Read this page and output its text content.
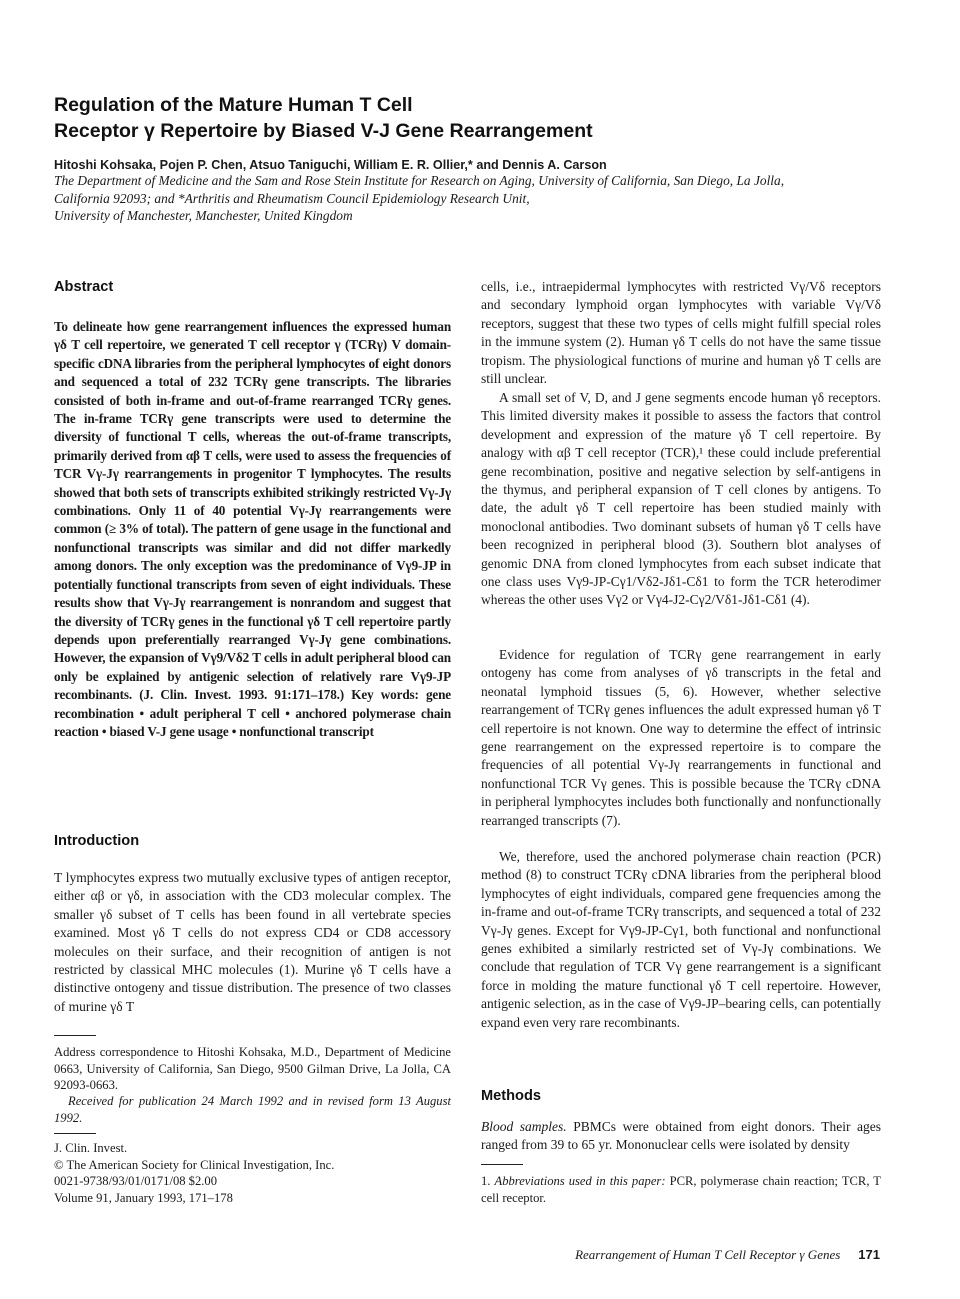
Regulation of the Mature Human T Cell
Receptor γ Repertoire by Biased V-J Gene Rearrangement

Hitoshi Kohsaka, Pojen P. Chen, Atsuo Taniguchi, William E. R. Ollier,* and Dennis A. Carson

The Department of Medicine and the Sam and Rose Stein Institute for Research on Aging, University of California, San Diego, La Jolla,
California 92093; and *Arthritis and Rheumatism Council Epidemiology Research Unit,
University of Manchester, Manchester, United Kingdom

Abstract

To delineate how gene rearrangement influences the expressed human γδ T cell repertoire, we generated T cell receptor γ (TCRγ) V domain-specific cDNA libraries from the peripheral lymphocytes of eight donors and sequenced a total of 232 TCRγ gene transcripts. The libraries consisted of both in-frame and out-of-frame rearranged TCRγ genes. The in-frame TCRγ gene transcripts were used to determine the diversity of functional T cells, whereas the out-of-frame transcripts, primarily derived from αβ T cells, were used to assess the frequencies of TCR Vγ-Jγ rearrangements in progenitor T lymphocytes. The results showed that both sets of transcripts exhibited strikingly restricted Vγ-Jγ combinations. Only 11 of 40 potential Vγ-Jγ rearrangements were common (≥ 3% of total). The pattern of gene usage in the functional and nonfunctional transcripts was similar and did not differ markedly among donors. The only exception was the predominance of Vγ9-JP in potentially functional transcripts from seven of eight individuals. These results show that Vγ-Jγ rearrangement is nonrandom and suggest that the diversity of TCRγ genes in the functional γδ T cell repertoire partly depends upon preferentially rearranged Vγ-Jγ gene combinations. However, the expansion of Vγ9/Vδ2 T cells in adult peripheral blood can only be explained by antigenic selection of relatively rare Vγ9-JP recombinants. (J. Clin. Invest. 1993. 91:171–178.) Key words: gene recombination • adult peripheral T cell • anchored polymerase chain reaction • biased V-J gene usage • nonfunctional transcript

Introduction

T lymphocytes express two mutually exclusive types of antigen receptor, either αβ or γδ, in association with the CD3 molecular complex. The smaller γδ subset of T cells has been found in all vertebrate species examined. Most γδ T cells do not express CD4 or CD8 accessory molecules on their surface, and their recognition of antigen is not restricted by classical MHC molecules (1). Murine γδ T cells have a distinctive ontogeny and tissue distribution. The presence of two classes of murine γδ T

Address correspondence to Hitoshi Kohsaka, M.D., Department of Medicine 0663, University of California, San Diego, 9500 Gilman Drive, La Jolla, CA 92093-0663.

Received for publication 24 March 1992 and in revised form 13 August 1992.

J. Clin. Invest.
© The American Society for Clinical Investigation, Inc.
0021-9738/93/01/0171/08 $2.00
Volume 91, January 1993, 171–178

cells, i.e., intraepidermal lymphocytes with restricted Vγ/Vδ receptors and secondary lymphoid organ lymphocytes with variable Vγ/Vδ receptors, suggest that these two types of cells might fulfill special roles in the immune system (2). Human γδ T cells do not have the same tissue tropism. The physiological functions of murine and human γδ T cells are still unclear.

A small set of V, D, and J gene segments encode human γδ receptors. This limited diversity makes it possible to assess the factors that control development and expression of the mature γδ T cell repertoire. By analogy with αβ T cell receptor (TCR),¹ these could include preferential gene recombination, positive and negative selection by self-antigens in the thymus, and peripheral expansion of T cell clones by antigens. To date, the adult γδ T cell repertoire has been studied mainly with monoclonal antibodies. Two dominant subsets of human γδ T cells have been recognized in peripheral blood (3). Southern blot analyses of genomic DNA from cloned lymphocytes from each subset indicate that one class uses Vγ9-JP-Cγ1/Vδ2-Jδ1-Cδ1 to form the TCR heterodimer whereas the other uses Vγ2 or Vγ4-J2-Cγ2/Vδ1-Jδ1-Cδ1 (4).

Evidence for regulation of TCRγ gene rearrangement in early ontogeny has come from analyses of γδ transcripts in the fetal and neonatal lymphoid tissues (5, 6). However, whether selective rearrangement of TCRγ genes influences the adult expressed human γδ T cell repertoire is not known. One way to determine the effect of intrinsic gene rearrangement on the expressed repertoire is to compare the frequencies of all potential Vγ-Jγ rearrangements in functional and nonfunctional TCR Vγ genes. This is possible because the TCRγ cDNA in peripheral lymphocytes includes both functionally and nonfunctionally rearranged transcripts (7).

We, therefore, used the anchored polymerase chain reaction (PCR) method (8) to construct TCRγ cDNA libraries from the peripheral blood lymphocytes of eight individuals, compared gene frequencies among the in-frame and out-of-frame TCRγ transcripts, and sequenced a total of 232 Vγ-Jγ genes. Except for Vγ9-JP-Cγ1, both functional and nonfunctional genes exhibited a similarly restricted set of Vγ-Jγ combinations. We conclude that regulation of TCR Vγ gene rearrangement is a significant force in molding the mature functional γδ T cell repertoire. However, antigenic selection, as in the case of Vγ9-JP–bearing cells, can potentially expand even very rare recombinants.

Methods

Blood samples. PBMCs were obtained from eight donors. Their ages ranged from 39 to 65 yr. Mononuclear cells were isolated by density

1. Abbreviations used in this paper: PCR, polymerase chain reaction; TCR, T cell receptor.

Rearrangement of Human T Cell Receptor γ Genes 171
